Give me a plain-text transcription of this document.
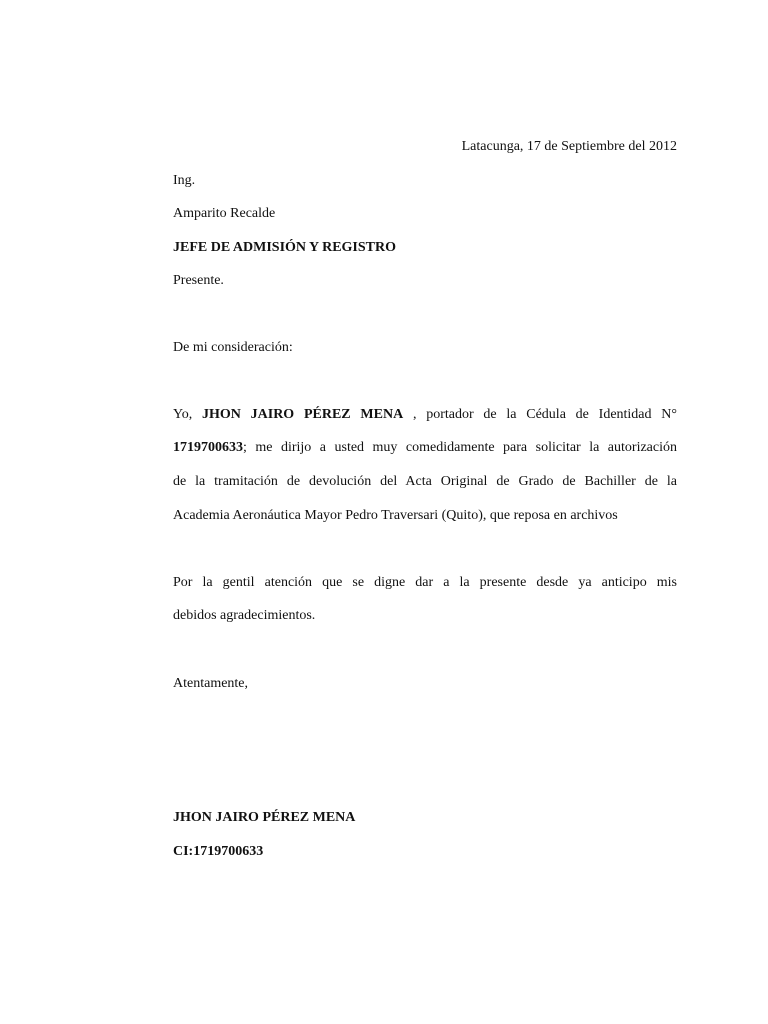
Latacunga, 17 de Septiembre del 2012
Ing.
Amparito Recalde
JEFE DE ADMISIÓN Y REGISTRO
Presente.
De mi consideración:
Yo, JHON JAIRO PÉREZ MENA , portador de la Cédula de Identidad N°
1719700633; me dirijo a usted muy comedidamente para solicitar la autorización
de la tramitación de devolución del Acta Original de Grado de Bachiller de la
Academia Aeronáutica Mayor Pedro Traversari (Quito), que reposa en archivos
Por la gentil atención que se digne dar a la presente desde ya anticipo mis
debidos agradecimientos.
Atentamente,
JHON JAIRO PÉREZ MENA
CI:1719700633
